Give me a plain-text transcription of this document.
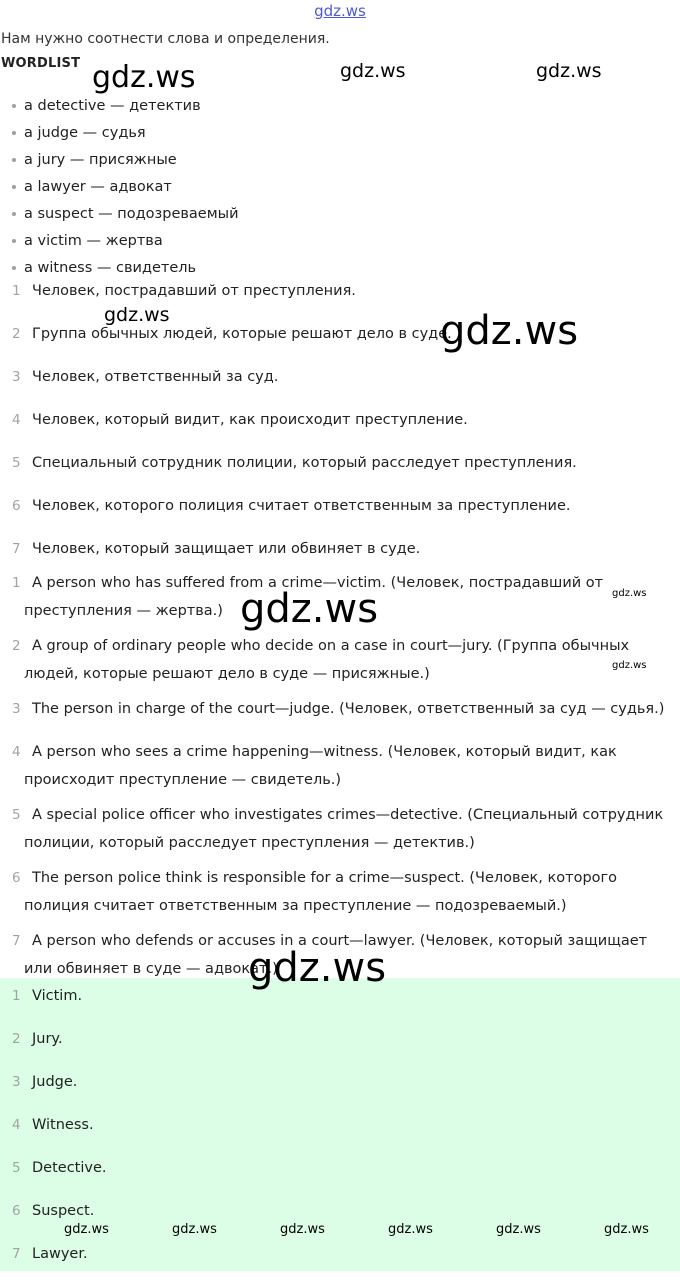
gdz.ws
Нам нужно соотнести слова и определения.
WORDLIST
a detective — детектив
a judge — судья
a jury — присяжные
a lawyer — адвокат
a suspect — подозреваемый
a victim — жертва
a witness — свидетель
1 Человек, пострадавший от преступления.
2 Группа обычных людей, которые решают дело в суде.
3 Человек, ответственный за суд.
4 Человек, который видит, как происходит преступление.
5 Специальный сотрудник полиции, который расследует преступления.
6 Человек, которого полиция считает ответственным за преступление.
7 Человек, который защищает или обвиняет в суде.
1 A person who has suffered from a crime—victim. (Человек, пострадавший от преступления — жертва.)
2 A group of ordinary people who decide on a case in court—jury. (Группа обычных людей, которые решают дело в суде — присяжные.)
3 The person in charge of the court—judge. (Человек, ответственный за суд — судья.)
4 A person who sees a crime happening—witness. (Человек, который видит, как происходит преступление — свидетель.)
5 A special police officer who investigates crimes—detective. (Специальный сотрудник полиции, который расследует преступления — детектив.)
6 The person police think is responsible for a crime—suspect. (Человек, которого полиция считает ответственным за преступление — подозреваемый.)
7 A person who defends or accuses in a court—lawyer. (Человек, который защищает или обвиняет в суде — адвокат.)
1 Victim.
2 Jury.
3 Judge.
4 Witness.
5 Detective.
6 Suspect.
7 Lawyer.
gdz.ws	gdz.ws	gdz.ws
gdz.ws	gdz.ws
gdz.ws	gdz.ws
gdz.ws
gdz.ws
gdz.ws	gdz.ws	gdz.ws	gdz.ws	gdz.ws	gdz.ws
